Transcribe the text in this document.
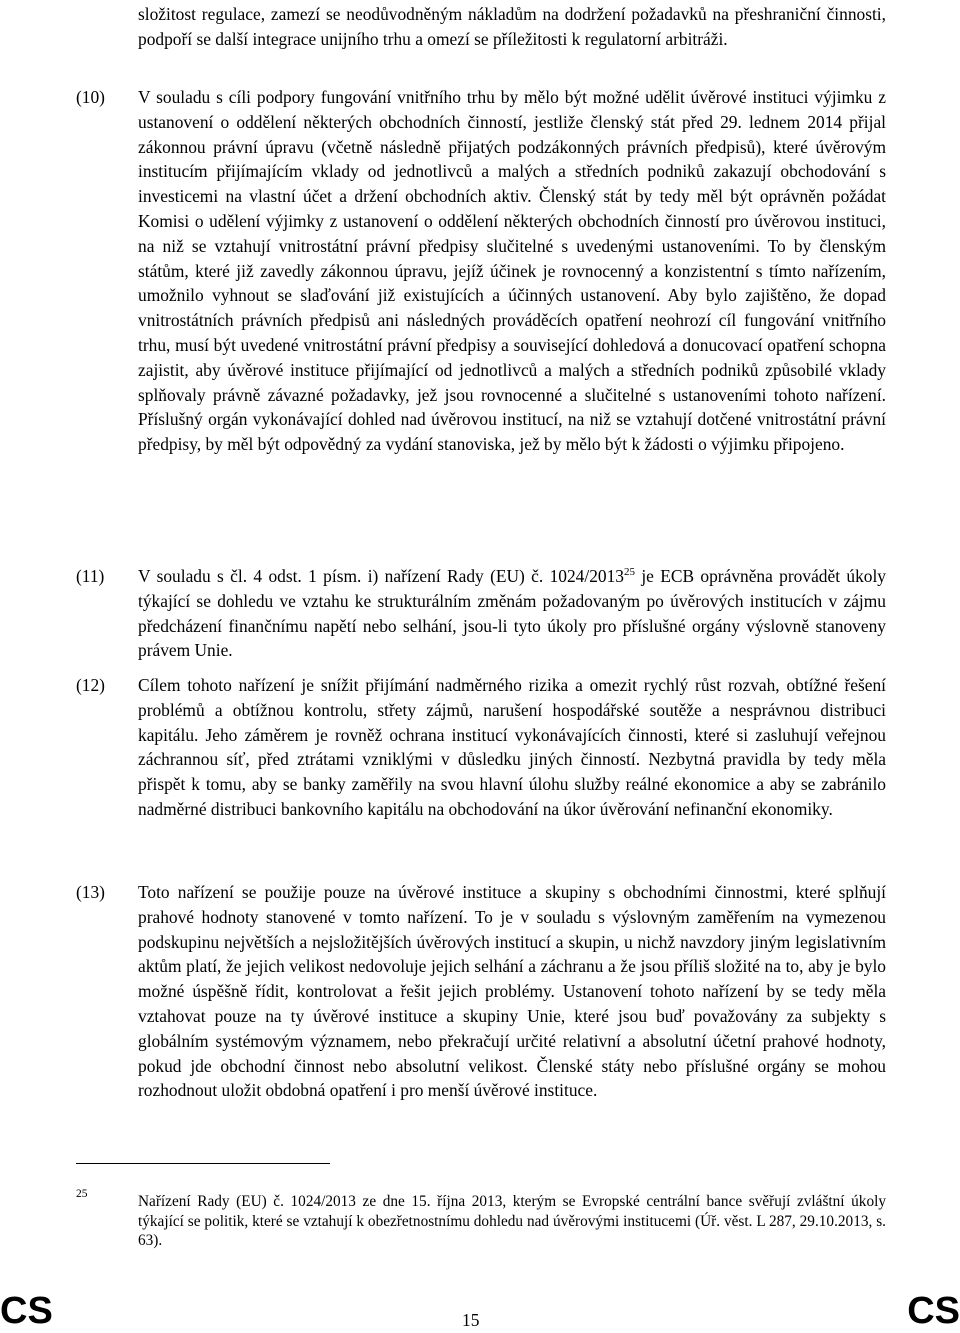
složitost regulace, zamezí se neodůvodněným nákladům na dodržení požadavků na přeshraniční činnosti, podpoří se další integrace unijního trhu a omezí se příležitosti k regulatorní arbitráži.
(10) V souladu s cíli podpory fungování vnitřního trhu by mělo být možné udělit úvěrové instituci výjimku z ustanovení o oddělení některých obchodních činností, jestliže členský stát před 29. lednem 2014 přijal zákonnou právní úpravu (včetně následně přijatých podzákonných právních předpisů), které úvěrovým institucím přijímajícím vklady od jednotlivců a malých a středních podniků zakazují obchodování s investicemi na vlastní účet a držení obchodních aktiv. Členský stát by tedy měl být oprávněn požádat Komisi o udělení výjimky z ustanovení o oddělení některých obchodních činností pro úvěrovou instituci, na niž se vztahují vnitrostátní právní předpisy slučitelné s uvedenými ustanoveními. To by členským státům, které již zavedly zákonnou úpravu, jejíž účinek je rovnocenný a konzistentní s tímto nařízením, umožnilo vyhnout se slaďování již existujících a účinných ustanovení. Aby bylo zajištěno, že dopad vnitrostátních právních předpisů ani následných prováděcích opatření neohrozí cíl fungování vnitřního trhu, musí být uvedené vnitrostátní právní předpisy a související dohledová a donucovací opatření schopna zajistit, aby úvěrové instituce přijímající od jednotlivců a malých a středních podniků způsobilé vklady splňovaly právně závazné požadavky, jež jsou rovnocenné a slučitelné s ustanoveními tohoto nařízení. Příslušný orgán vykonávající dohled nad úvěrovou institucí, na niž se vztahují dotčené vnitrostátní právní předpisy, by měl být odpovědný za vydání stanoviska, jež by mělo být k žádosti o výjimku připojeno.
(11) V souladu s čl. 4 odst. 1 písm. i) nařízení Rady (EU) č. 1024/2013$^{25}$ je ECB oprávněna provádět úkoly týkající se dohledu ve vztahu ke strukturálním změnám požadovaným po úvěrových institucích v zájmu předcházení finančnímu napětí nebo selhání, jsou-li tyto úkoly pro příslušné orgány výslovně stanoveny právem Unie.
(12) Cílem tohoto nařízení je snížit přijímání nadměrného rizika a omezit rychlý růst rozvah, obtížné řešení problémů a obtížnou kontrolu, střety zájmů, narušení hospodářské soutěže a nesprávnou distribuci kapitálu. Jeho záměrem je rovněž ochrana institucí vykonávajících činnosti, které si zasluhují veřejnou záchrannou síť, před ztrátami vzniklými v důsledku jiných činností. Nezbytná pravidla by tedy měla přispět k tomu, aby se banky zaměřily na svou hlavní úlohu služby reálné ekonomice a aby se zabránilo nadměrné distribuci bankovního kapitálu na obchodování na úkor úvěrování nefinanční ekonomiky.
(13) Toto nařízení se použije pouze na úvěrové instituce a skupiny s obchodními činnostmi, které splňují prahové hodnoty stanovené v tomto nařízení. To je v souladu s výslovným zaměřením na vymezenou podskupinu největších a nejsložitějších úvěrových institucí a skupin, u nichž navzdory jiným legislativním aktům platí, že jejich velikost nedovoluje jejich selhání a záchranu a že jsou příliš složité na to, aby je bylo možné úspěšně řídit, kontrolovat a řešit jejich problémy. Ustanovení tohoto nařízení by se tedy měla vztahovat pouze na ty úvěrové instituce a skupiny Unie, které jsou buď považovány za subjekty s globálním systémovým významem, nebo překračují určité relativní a absolutní účetní prahové hodnoty, pokud jde obchodní činnost nebo absolutní velikost. Členské státy nebo příslušné orgány se mohou rozhodnout uložit obdobná opatření i pro menší úvěrové instituce.
25	Nařízení Rady (EU) č. 1024/2013 ze dne 15. října 2013, kterým se Evropské centrální bance svěřují zvláštní úkoly týkající se politik, které se vztahují k obezřetnostnímu dohledu nad úvěrovými institucemi (Úř. věst. L 287, 29.10.2013, s. 63).
CS	15	CS
